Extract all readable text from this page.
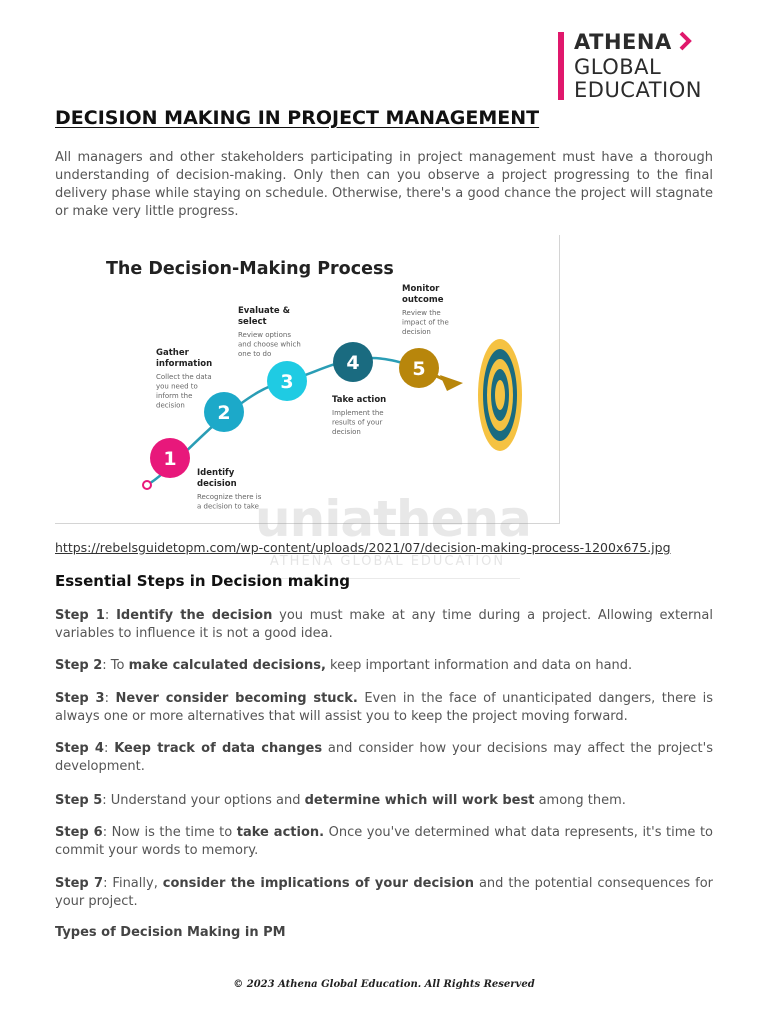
ATHENA
GLOBAL
EDUCATION
DECISION MAKING IN PROJECT MANAGEMENT

All managers and other stakeholders participating in project management must have a thorough understanding of decision-making. Only then can you observe a project progressing to the final delivery phase while staying on schedule. Otherwise, there's a good chance the project will stagnate or make very little progress.

The Decision-Making Process
1
2
3
4	5
Identify
decision
Recognize there is
a decision to take
Gather
information
Collect the data
you need to
inform the
decision
Evaluate &
select
Review options
and choose which
one to do
Take action
Implement the
results of your
decision
Monitor
outcome
Review the
impact of the
decision
uniathena
ATHENA GLOBAL EDUCATION
https://rebelsguidetopm.com/wp-content/uploads/2021/07/decision-making-process-1200x675.jpg
Essential Steps in Decision making

Step 1: Identify the decision you must make at any time during a project. Allowing external variables to influence it is not a good idea.

Step 2: To make calculated decisions, keep important information and data on hand.

Step 3: Never consider becoming stuck. Even in the face of unanticipated dangers, there is always one or more alternatives that will assist you to keep the project moving forward.

Step 4: Keep track of data changes and consider how your decisions may affect the project's development.

Step 5: Understand your options and determine which will work best among them.

Step 6: Now is the time to take action. Once you've determined what data represents, it's time to commit your words to memory.

Step 7: Finally, consider the implications of your decision and the potential consequences for your project.

Types of Decision Making in PM
© 2023 Athena Global Education. All Rights Reserved
